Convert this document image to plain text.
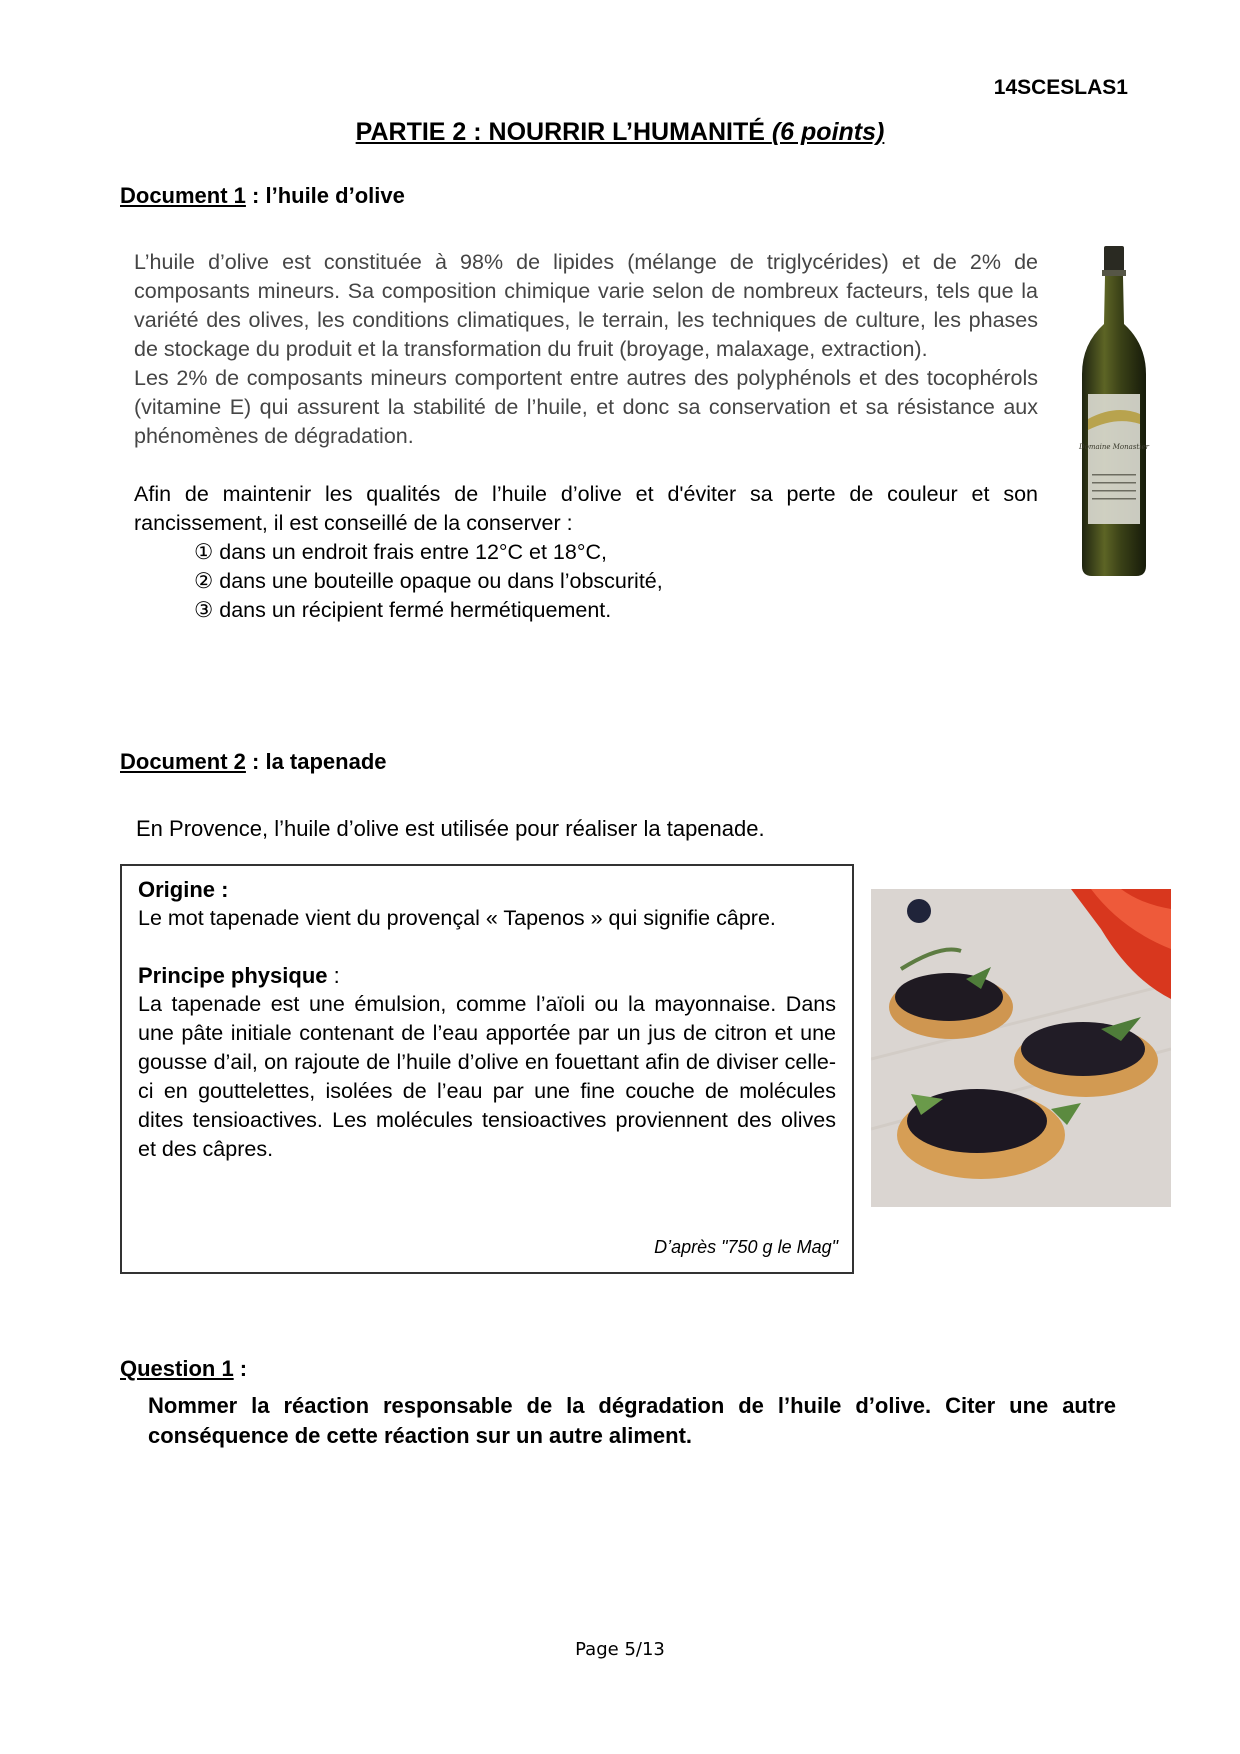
14SCESLAS1
PARTIE 2 : NOURRIR L’HUMANITÉ (6 points)
Document 1 : l’huile d’olive

L’huile d’olive est constituée à 98% de lipides (mélange de triglycérides) et de 2% de composants mineurs. Sa composition chimique varie selon de nombreux facteurs, tels que la variété des olives, les conditions climatiques, le terrain, les techniques de culture, les phases de stockage du produit et la transformation du fruit (broyage, malaxage, extraction).

Les 2% de composants mineurs comportent entre autres des polyphénols et des tocophérols (vitamine E) qui assurent la stabilité de l’huile, et donc sa conservation et sa résistance aux phénomènes de dégradation.

Afin de maintenir les qualités de l’huile d’olive et d'éviter sa perte de couleur et son rancissement, il est conseillé de la conserver :

① dans un endroit frais entre 12°C et 18°C,
② dans une bouteille opaque ou dans l’obscurité,
③ dans un récipient fermé hermétiquement.
Domaine Monastier
Document 2 : la tapenade
En Provence, l’huile d’olive est utilisée pour réaliser la tapenade.
Origine :

Le mot tapenade vient du provençal « Tapenos » qui signifie câpre.

Principe physique :

La tapenade est une émulsion, comme l’aïoli ou la mayonnaise. Dans une pâte initiale contenant de l’eau apportée par un jus de citron et une gousse d’ail, on rajoute de l’huile d’olive en fouettant afin de diviser celle-ci en gouttelettes, isolées de l’eau par une fine couche de molécules dites tensioactives. Les molécules tensioactives proviennent des olives et des câpres.

D’après "750 g le Mag"
Question 1 :
Nommer la réaction responsable de la dégradation de l’huile d’olive. Citer une autre conséquence de cette réaction sur un autre aliment.
Page 5/13
